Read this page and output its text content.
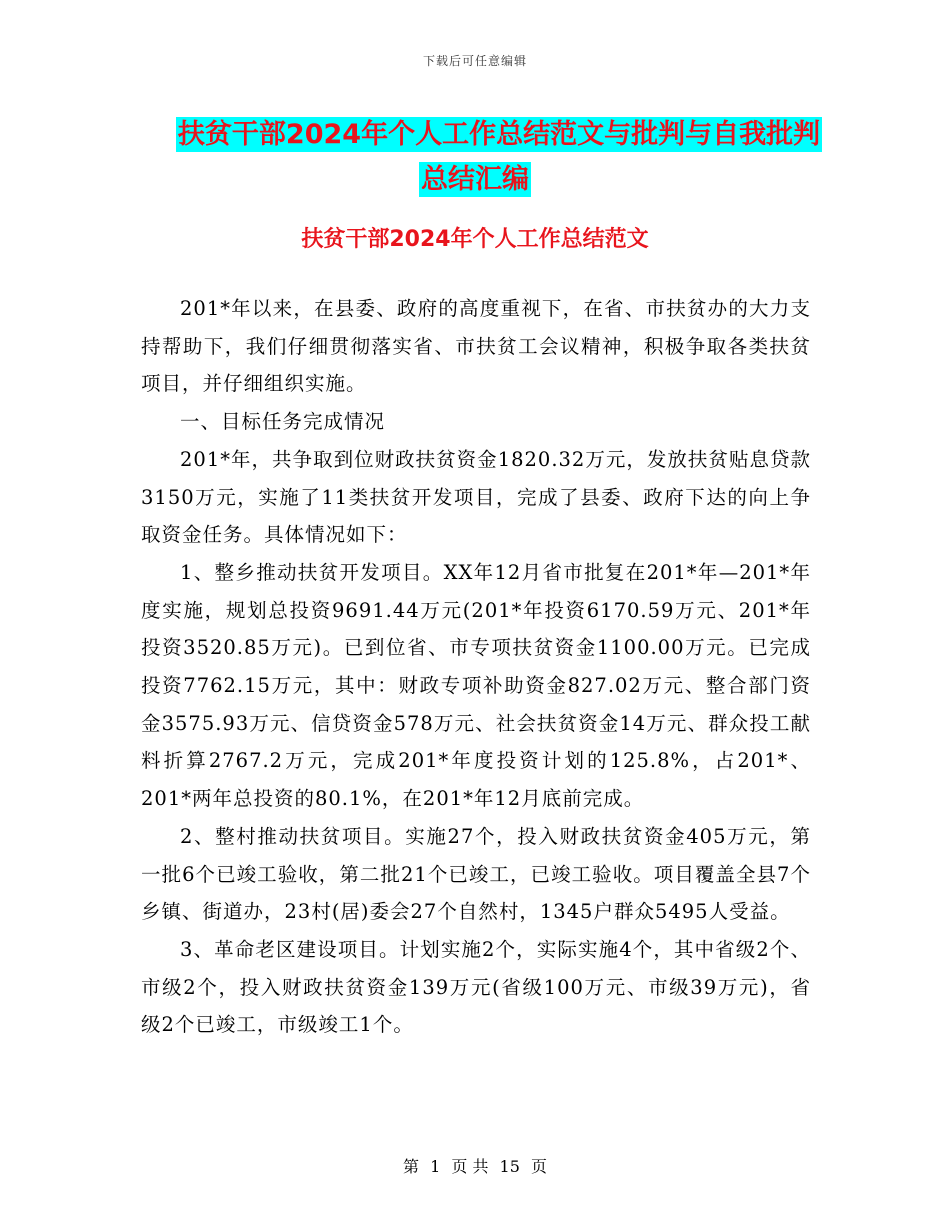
下载后可任意编辑
扶贫干部2024年个人工作总结范文与批判与自我批判
总结汇编
扶贫干部2024年个人工作总结范文

201*年以来，在县委、政府的高度重视下，在省、市扶贫办的大力支持帮助下，我们仔细贯彻落实省、市扶贫工会议精神，积极争取各类扶贫项目，并仔细组织实施。

一、目标任务完成情况

201*年，共争取到位财政扶贫资金1820.32万元，发放扶贫贴息贷款3150万元，实施了11类扶贫开发项目，完成了县委、政府下达的向上争取资金任务。具体情况如下：

1、整乡推动扶贫开发项目。XX年12月省市批复在201*年—201*年度实施，规划总投资9691.44万元(201*年投资6170.59万元、201*年投资3520.85万元)。已到位省、市专项扶贫资金1100.00万元。已完成投资7762.15万元，其中：财政专项补助资金827.02万元、整合部门资金3575.93万元、信贷资金578万元、社会扶贫资金14万元、群众投工献料折算2767.2万元，完成201*年度投资计划的125.8%，占201*、201*两年总投资的80.1%，在201*年12月底前完成。

2、整村推动扶贫项目。实施27个，投入财政扶贫资金405万元，第一批6个已竣工验收，第二批21个已竣工，已竣工验收。项目覆盖全县7个乡镇、街道办，23村(居)委会27个自然村，1345户群众5495人受益。

3、革命老区建设项目。计划实施2个，实际实施4个，其中省级2个、市级2个，投入财政扶贫资金139万元(省级100万元、市级39万元)，省级2个已竣工，市级竣工1个。

第 1 页 共 15 页
